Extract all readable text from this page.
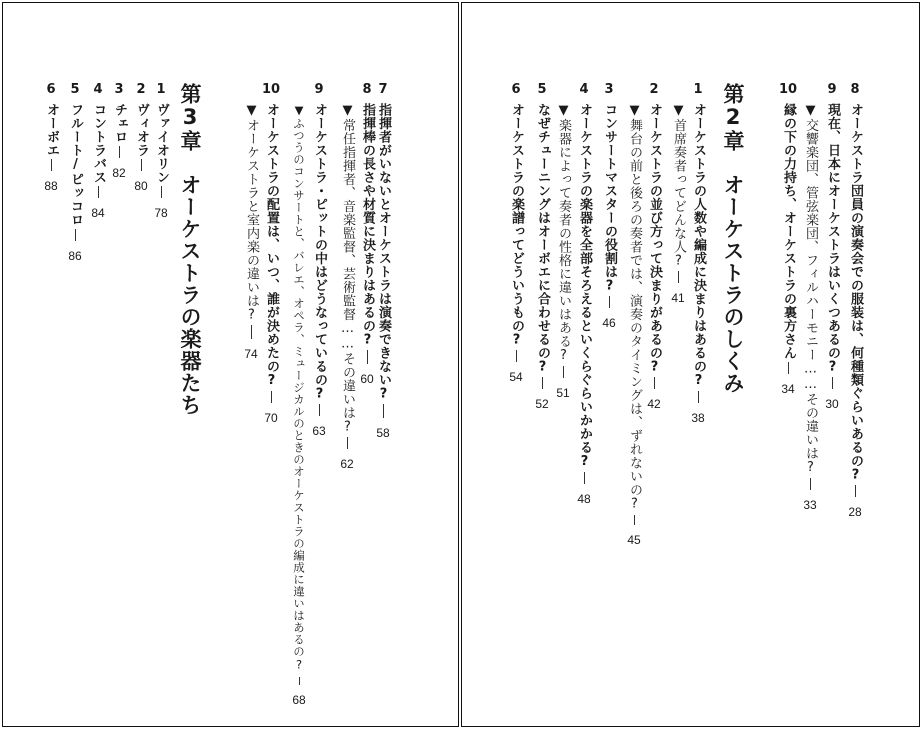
7
指揮者がいないとオーケストラは演奏できない?
58
8
指揮棒の長さや材質に決まりはあるの?
60
▼常任指揮者、音楽監督、芸術監督……その違いは?
62
9
オーケストラ・ピットの中はどうなっているの?
63
▼ふつうのコンサートと、バレエ、オペラ、ミュージカルのときのオーケストラの編成に違いはあるの?
68
10
オーケストラの配置は、いつ、誰が決めたの?
70
▼オーケストラと室内楽の違いは?
74
第3章　オーケストラの楽器たち
1
ヴァイオリン
78
2
ヴィオラ
80
3
チェロ
82
4
コントラバス
84
5
フルート/ピッコロ
86
6
オーボエ
88
8
オーケストラ団員の演奏会での服装は、何種類ぐらいあるの?
28
9
現在、日本にオーケストラはいくつあるの?
30
▼交響楽団、管弦楽団、フィルハーモニー……その違いは?
33
10
縁の下の力持ち、オーケストラの裏方さん
34
第2章　オーケストラのしくみ
1
オーケストラの人数や編成に決まりはあるの?
38
▼首席奏者ってどんな人?
41
2
オーケストラの並び方って決まりがあるの?
42
▼舞台の前と後ろの奏者では、演奏のタイミングは、ずれないの?
45
3
コンサートマスターの役割は?
46
4
オーケストラの楽器を全部そろえるといくらぐらいかかる?
48
▼楽器によって奏者の性格に違いはある?
51
5
なぜチューニングはオーボエに合わせるの?
52
6
オーケストラの楽譜ってどういうもの?
54
